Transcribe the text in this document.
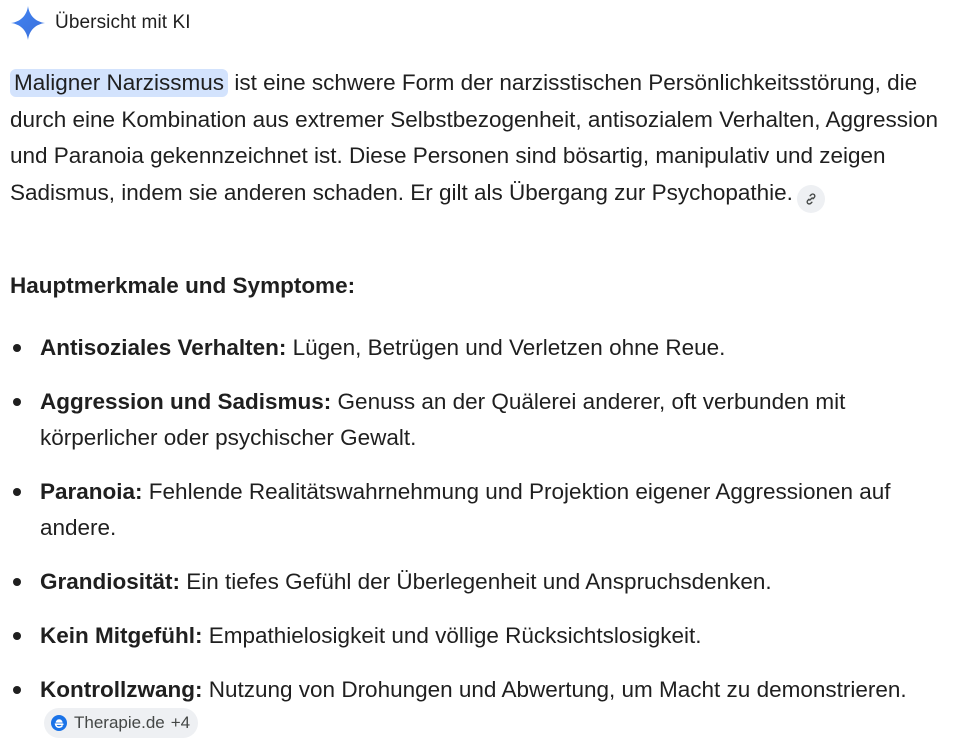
Übersicht mit KI
Maligner Narzissmus ist eine schwere Form der narzisstischen Persönlichkeitsstörung, die durch eine Kombination aus extremer Selbstbezogenheit, antisozialem Verhalten, Aggression und Paranoia gekennzeichnet ist. Diese Personen sind bösartig, manipulativ und zeigen Sadismus, indem sie anderen schaden. Er gilt als Übergang zur Psychopathie.
Hauptmerkmale und Symptome:
Antisoziales Verhalten: Lügen, Betrügen und Verletzen ohne Reue.
Aggression und Sadismus: Genuss an der Quälerei anderer, oft verbunden mit körperlicher oder psychischer Gewalt.
Paranoia: Fehlende Realitätswahrnehmung und Projektion eigener Aggressionen auf andere.
Grandiosität: Ein tiefes Gefühl der Überlegenheit und Anspruchsdenken.
Kein Mitgefühl: Empathielosigkeit und völlige Rücksichtslosigkeit.
Kontrollzwang: Nutzung von Drohungen und Abwertung, um Macht zu demonstrieren.
Therapie.de +4
